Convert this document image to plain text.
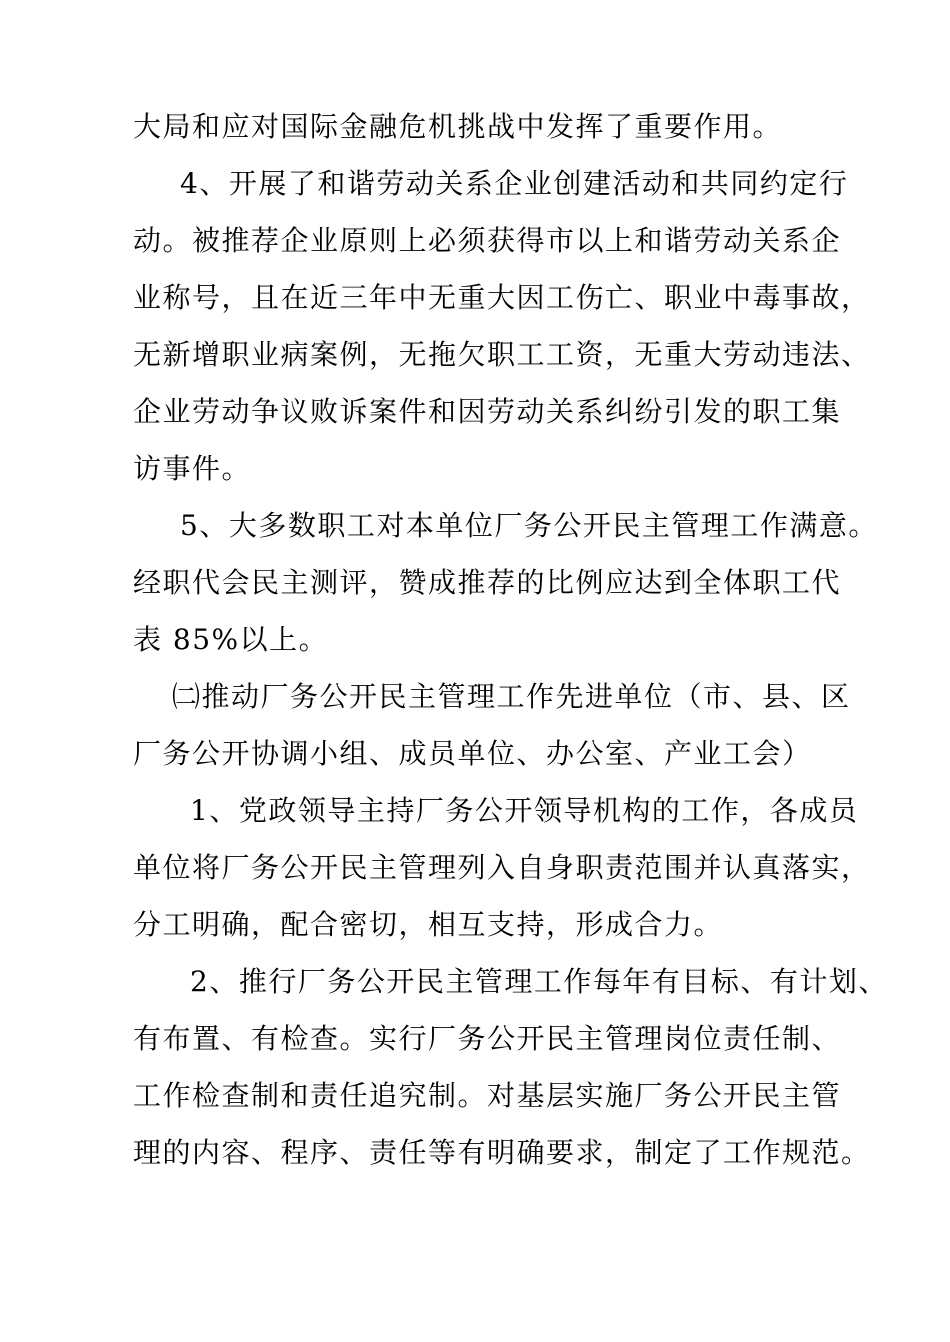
大局和应对国际金融危机挑战中发挥了重要作用。
4、开展了和谐劳动关系企业创建活动和共同约定行
动。被推荐企业原则上必须获得市以上和谐劳动关系企
业称号，且在近三年中无重大因工伤亡、职业中毒事故，
无新增职业病案例，无拖欠职工工资，无重大劳动违法、
企业劳动争议败诉案件和因劳动关系纠纷引发的职工集
访事件。
5、大多数职工对本单位厂务公开民主管理工作满意。
经职代会民主测评，赞成推荐的比例应达到全体职工代
表 85%以上。
㈡推动厂务公开民主管理工作先进单位（市、县、区
厂务公开协调小组、成员单位、办公室、产业工会）
1、党政领导主持厂务公开领导机构的工作，各成员
单位将厂务公开民主管理列入自身职责范围并认真落实，
分工明确，配合密切，相互支持，形成合力。
2、推行厂务公开民主管理工作每年有目标、有计划、
有布置、有检查。实行厂务公开民主管理岗位责任制、
工作检查制和责任追究制。对基层实施厂务公开民主管
理的内容、程序、责任等有明确要求，制定了工作规范。
